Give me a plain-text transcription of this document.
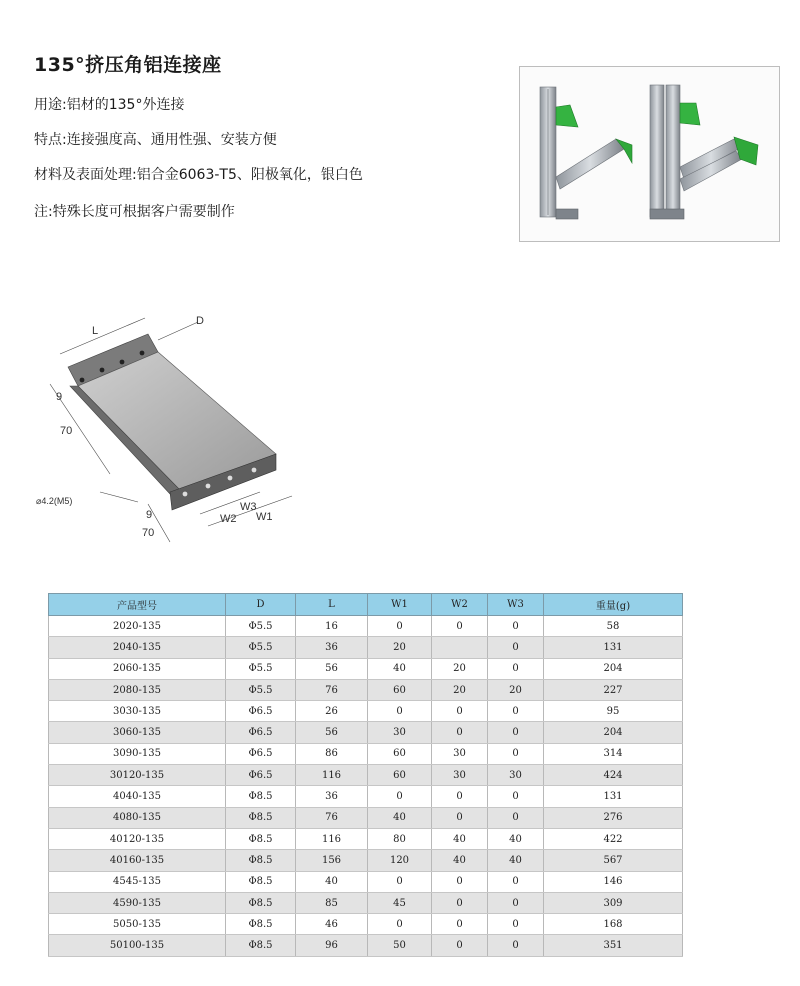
135°挤压角铝连接座
用途:铝材的135°外连接
特点:连接强度高、通用性强、安装方便
材料及表面处理:铝合金6063-T5、阳极氧化，银白色
注:特殊长度可根据客户需要制作
L
D
9
70
⌀4.2(M5)
9
70
W2
W3
W1
产品型号	D	L	W1	W2	W3	重量(g)
2020-135	Φ5.5	16	0	0	0	58
2040-135	Φ5.5	36	20		0	131
2060-135	Φ5.5	56	40	20	0	204
2080-135	Φ5.5	76	60	20	20	227
3030-135	Φ6.5	26	0	0	0	95
3060-135	Φ6.5	56	30	0	0	204
3090-135	Φ6.5	86	60	30	0	314
30120-135	Φ6.5	116	60	30	30	424
4040-135	Φ8.5	36	0	0	0	131
4080-135	Φ8.5	76	40	0	0	276
40120-135	Φ8.5	116	80	40	40	422
40160-135	Φ8.5	156	120	40	40	567
4545-135	Φ8.5	40	0	0	0	146
4590-135	Φ8.5	85	45	0	0	309
5050-135	Φ8.5	46	0	0	0	168
50100-135	Φ8.5	96	50	0	0	351
